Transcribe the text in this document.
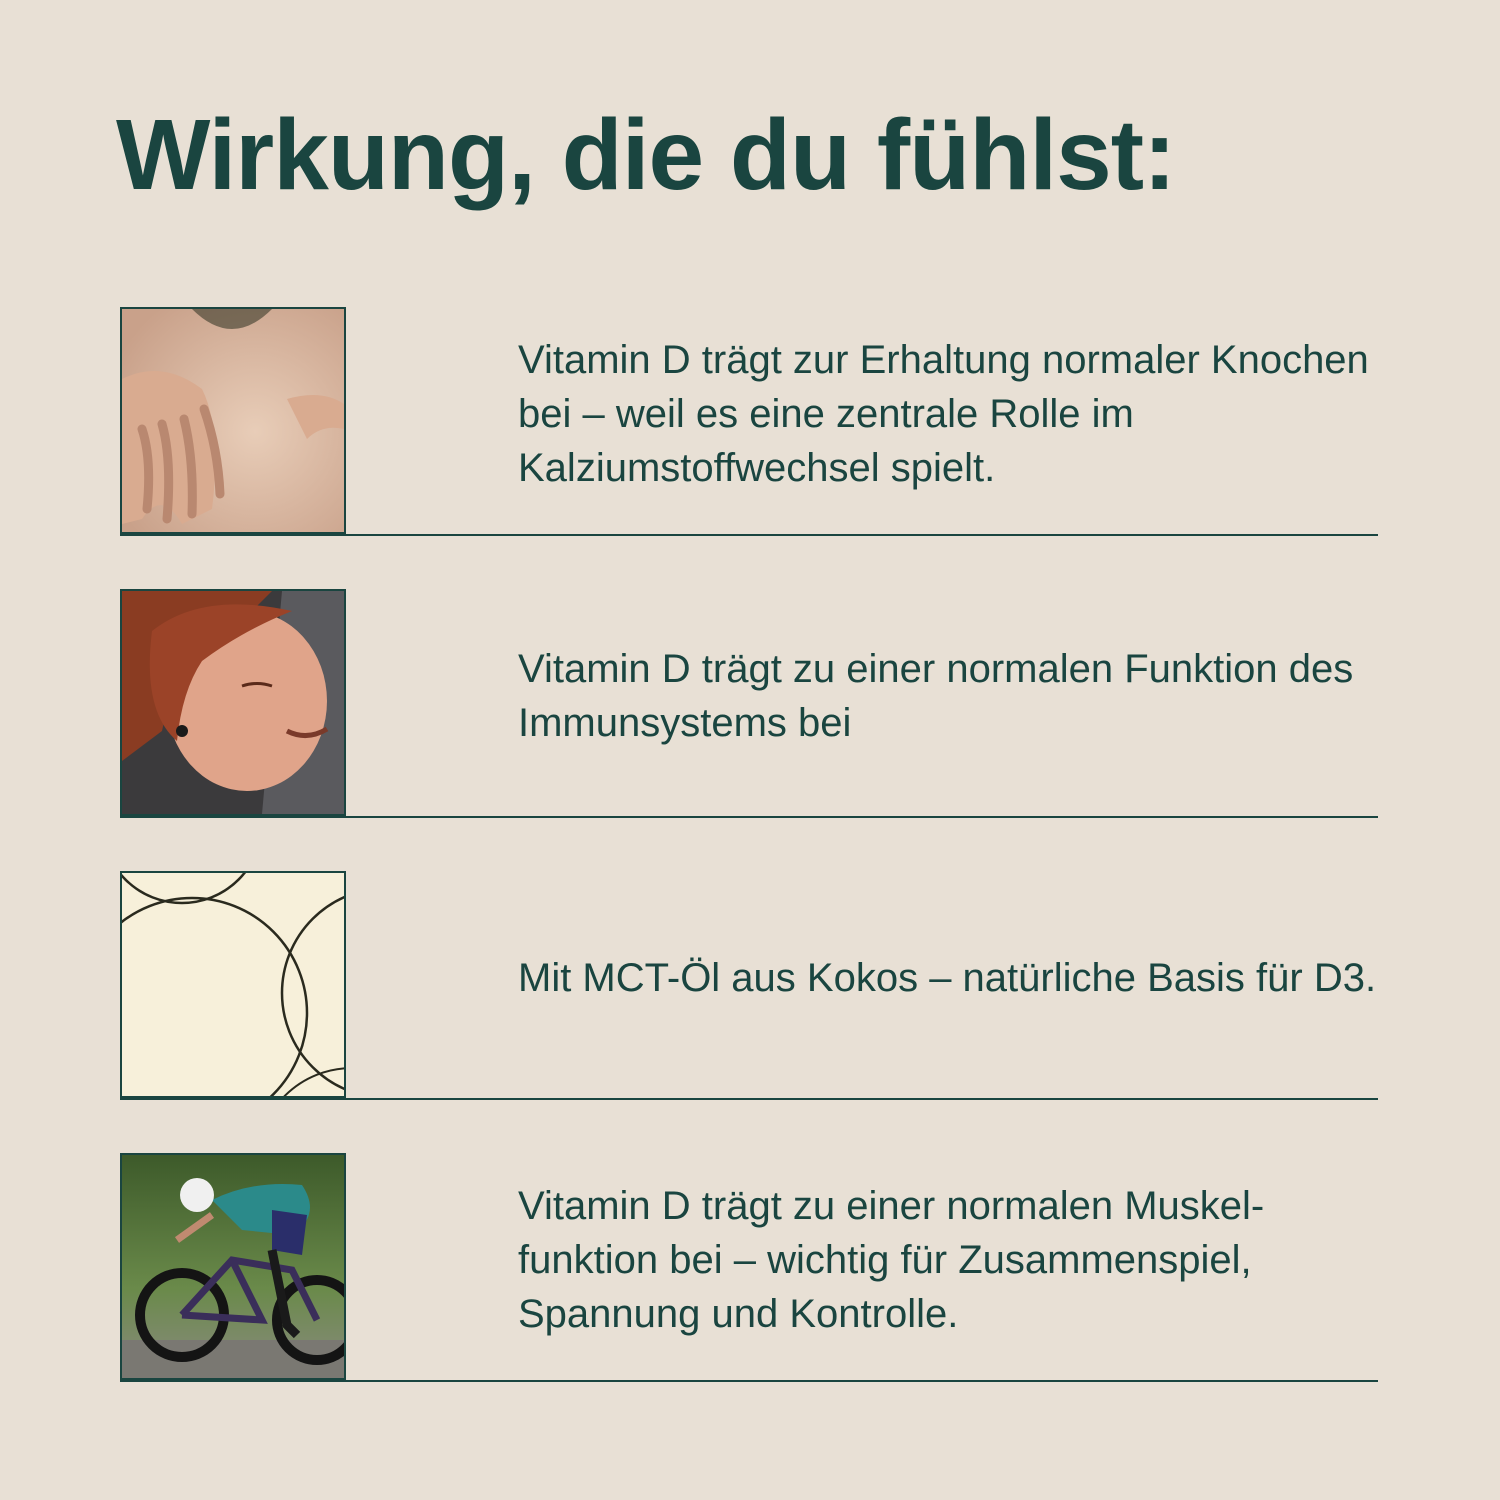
Wirkung, die du fühlst:
Vitamin D trägt zur Erhaltung normaler Knochen bei – weil es eine zentrale Rolle im Kalziumstoffwechsel spielt.
Vitamin D trägt zu einer normalen Funktion des Immunsystems bei
Mit MCT-Öl aus Kokos – natürliche Basis für D3.
Vitamin D trägt zu einer normalen Muskel-funktion bei – wichtig für Zusammenspiel, Spannung und Kontrolle.
